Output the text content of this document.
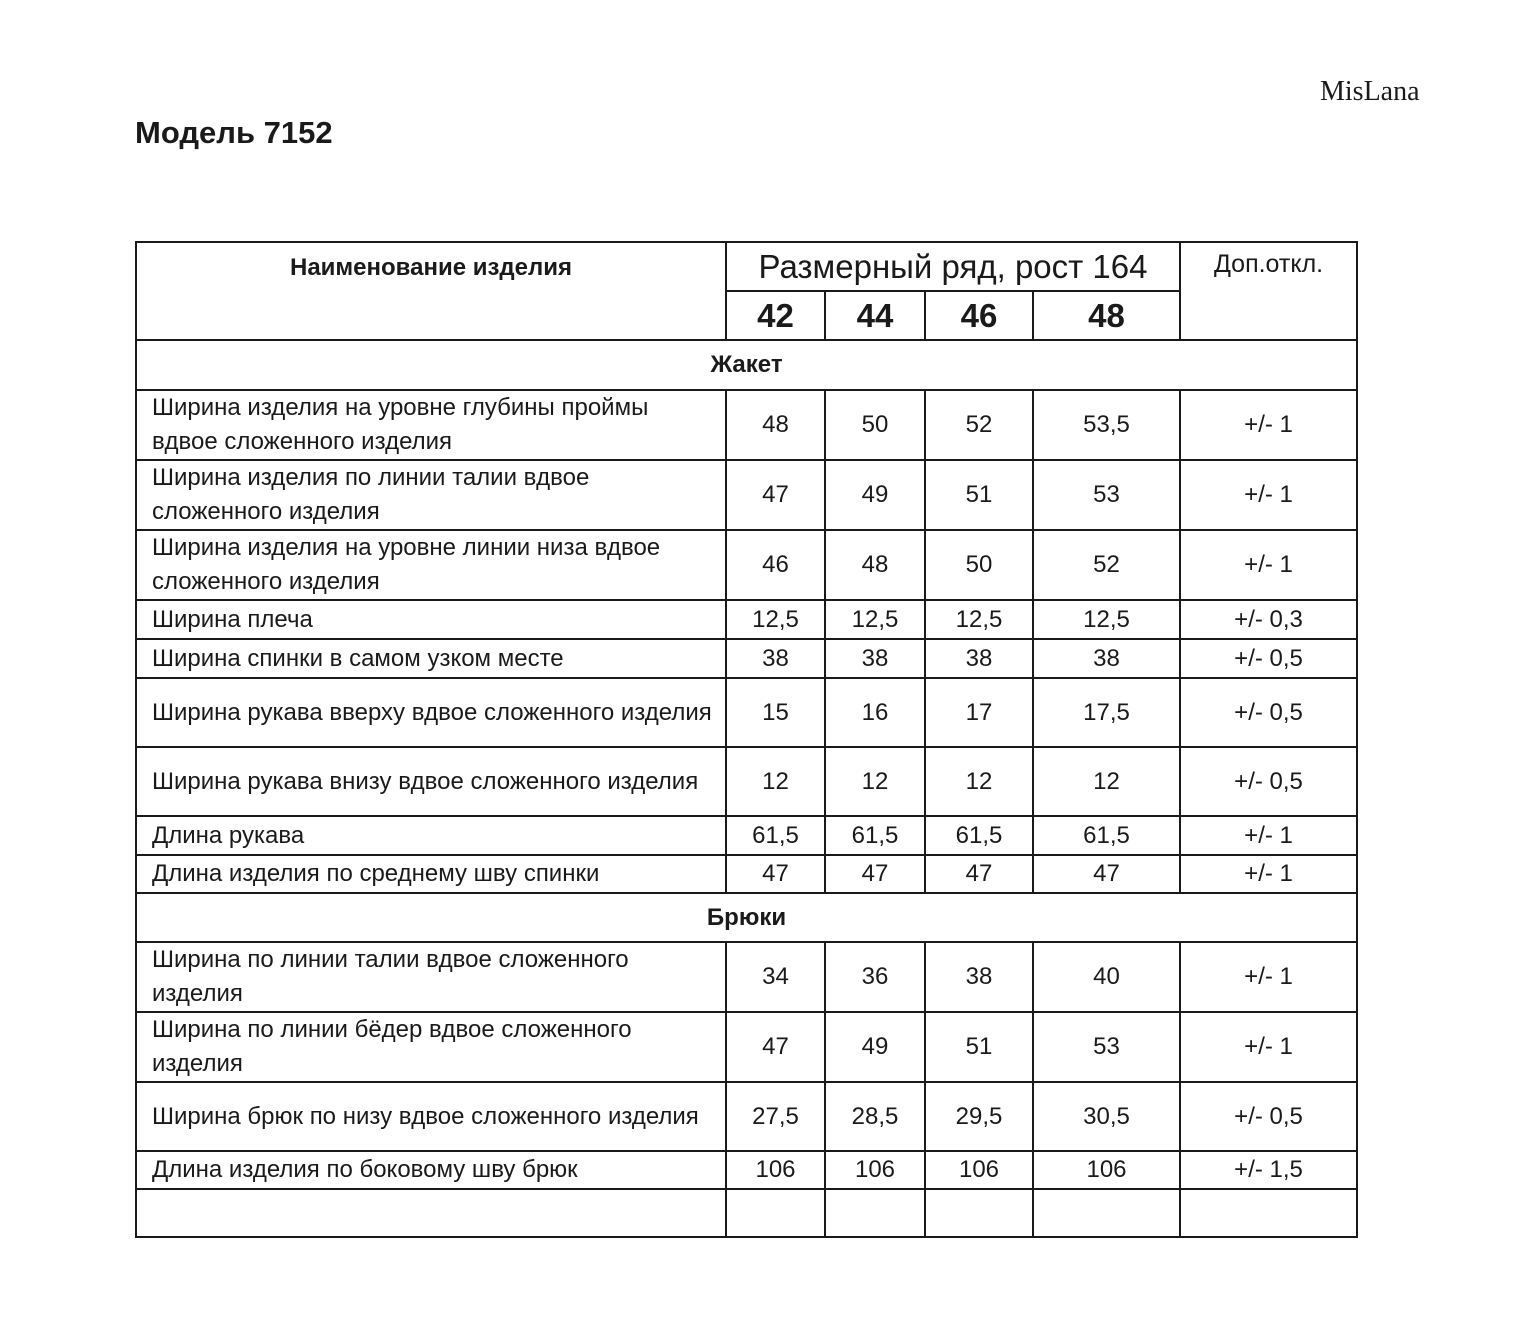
MisLana
Модель 7152
Наименование изделия	Размерный ряд, рост 164				Доп.откл.
	42	44	46	48	
Жакет					
Ширина изделия на уровне глубины проймы вдвое сложенного изделия	48	50	52	53,5	+/- 1
Ширина изделия по линии талии вдвое сложенного изделия	47	49	51	53	+/- 1
Ширина изделия на уровне линии низа вдвое сложенного изделия	46	48	50	52	+/- 1
Ширина плеча	12,5	12,5	12,5	12,5	+/- 0,3
Ширина спинки в самом узком месте	38	38	38	38	+/- 0,5
Ширина рукава вверху вдвое сложенного изделия	15	16	17	17,5	+/- 0,5
Ширина рукава внизу вдвое сложенного изделия	12	12	12	12	+/- 0,5
Длина рукава	61,5	61,5	61,5	61,5	+/- 1
Длина изделия по среднему шву спинки	47	47	47	47	+/- 1
Брюки					
Ширина по линии талии вдвое сложенного изделия	34	36	38	40	+/- 1
Ширина по линии бёдер вдвое сложенного изделия	47	49	51	53	+/- 1
Ширина брюк по низу вдвое сложенного изделия	27,5	28,5	29,5	30,5	+/- 0,5
Длина изделия по боковому шву брюк	106	106	106	106	+/- 1,5
